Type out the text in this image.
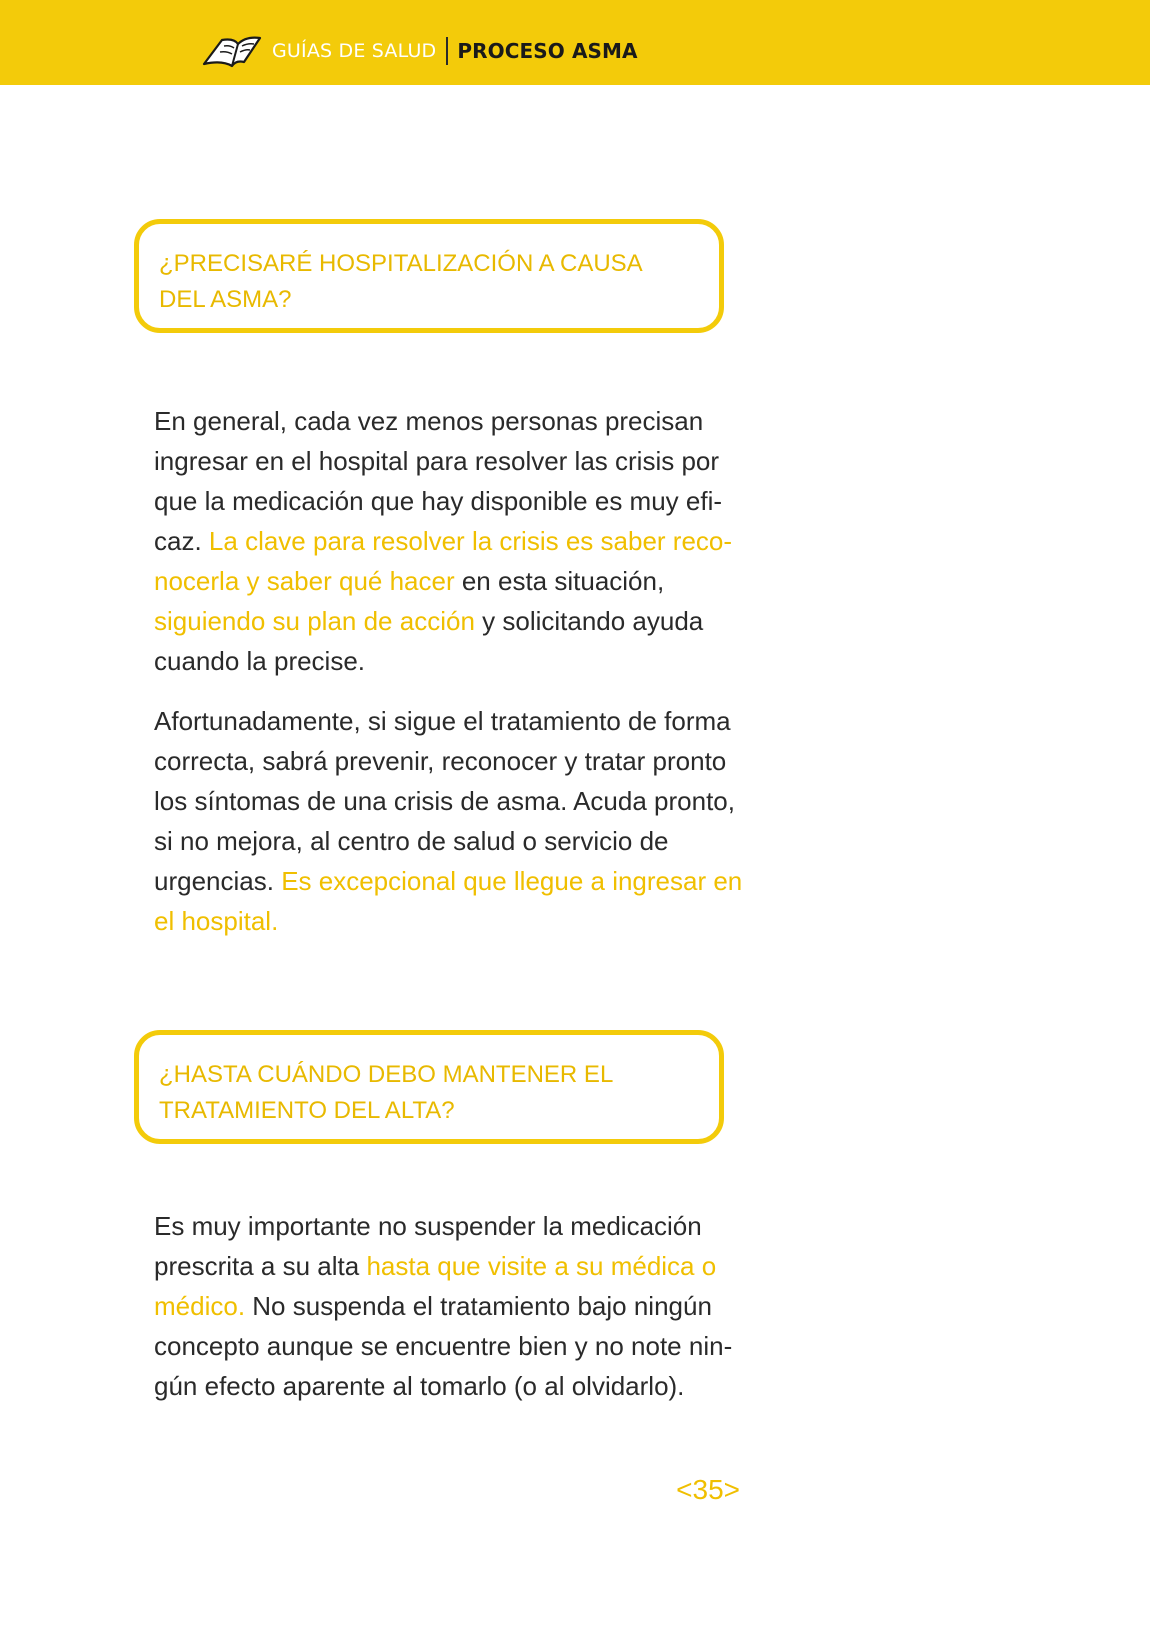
GUÍAS DE SALUD PROCESO ASMA

¿PRECISARÉ HOSPITALIZACIÓN A CAUSA DEL ASMA?

En general, cada vez menos personas precisan ingresar en el hospital para resolver las crisis por que la medicación que hay disponible es muy eficaz. La clave para resolver la crisis es saber reconocerla y saber qué hacer en esta situación, siguiendo su plan de acción y solicitando ayuda cuando la precise.

Afortunadamente, si sigue el tratamiento de forma correcta, sabrá prevenir, reconocer y tratar pronto los síntomas de una crisis de asma. Acuda pronto, si no mejora, al centro de salud o servicio de urgencias. Es excepcional que llegue a ingresar en el hospital.

¿HASTA CUÁNDO DEBO MANTENER EL TRATAMIENTO DEL ALTA?

Es muy importante no suspender la medicación prescrita a su alta hasta que visite a su médica o médico. No suspenda el tratamiento bajo ningún concepto aunque se encuentre bien y no note ningún efecto aparente al tomarlo (o al olvidarlo).

<35>
